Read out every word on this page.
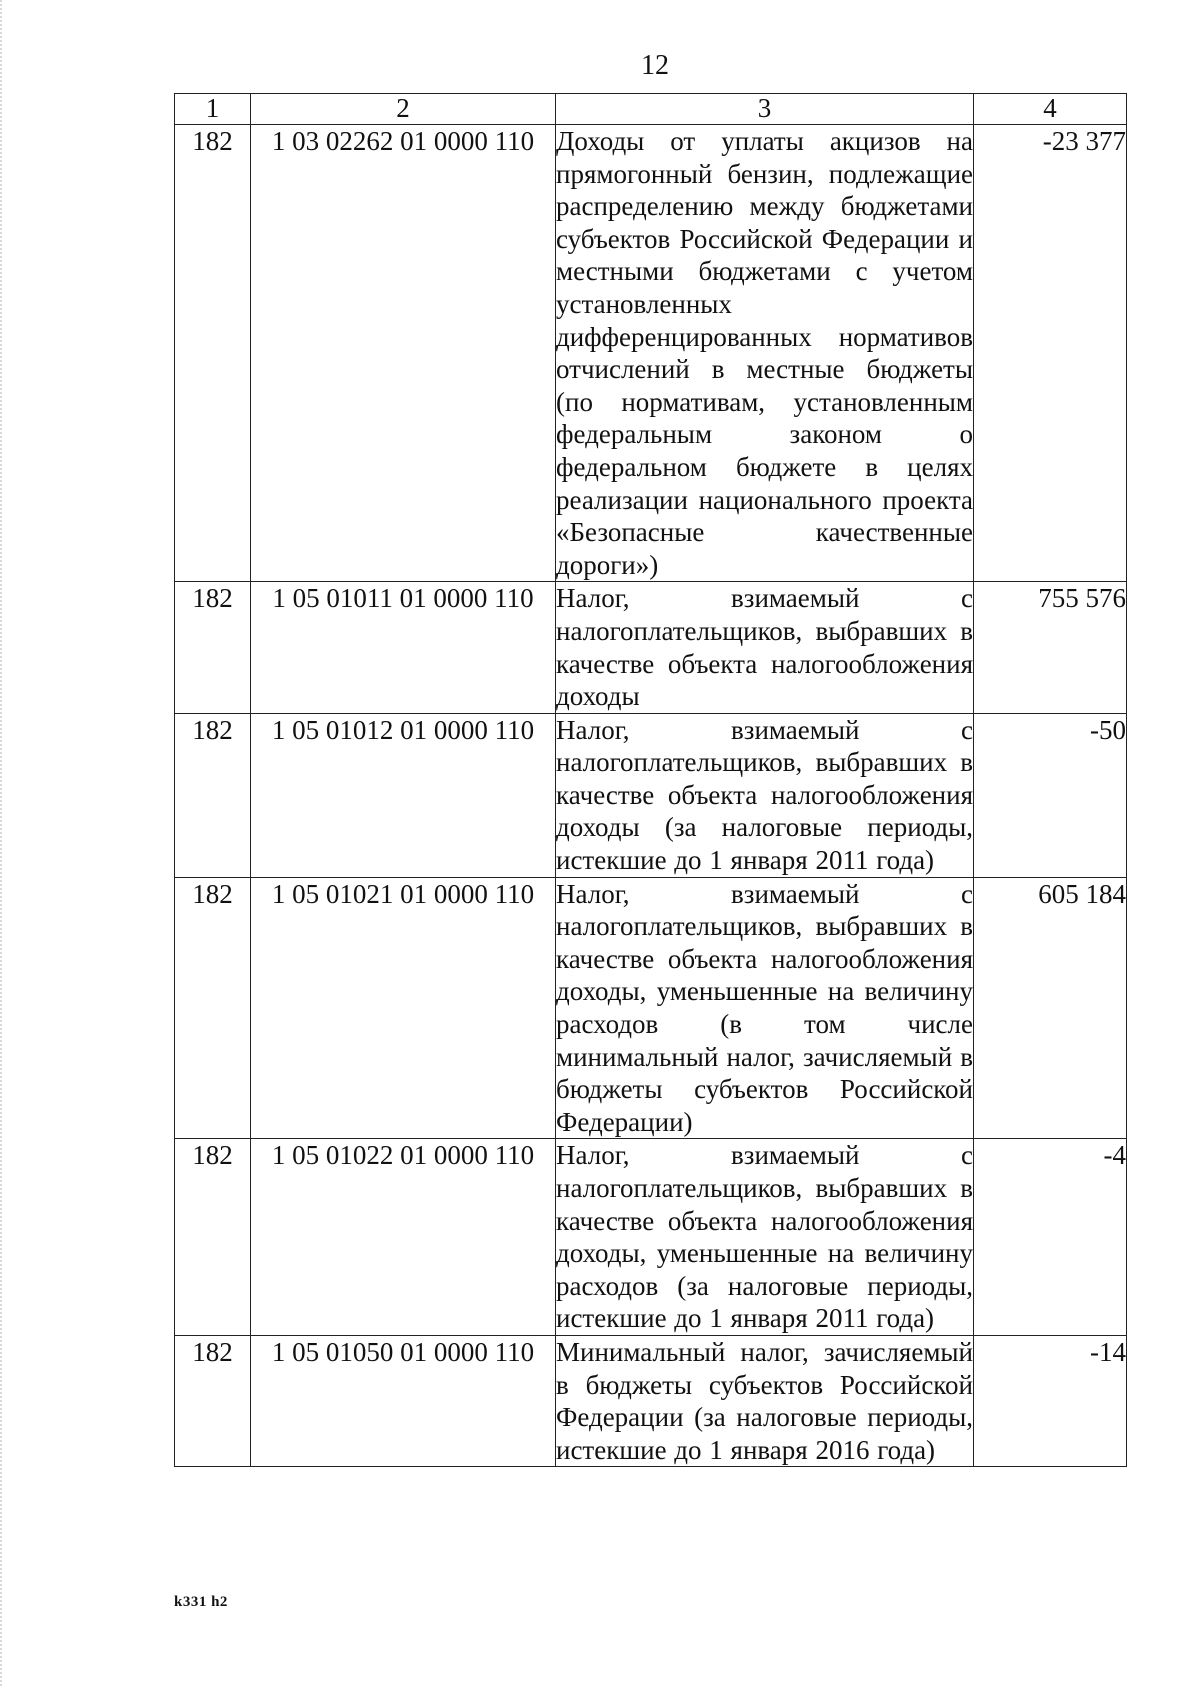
12
1	2	3	4
182	1 03 02262 01 0000 110	Доходы от уплаты акцизов на прямогонный бензин, подлежащие распределению между бюджетами субъектов Российской Федерации и местными бюджетами с учетом установленных дифференцированных нормативов отчислений в местные бюджеты (по нормативам, установленным федеральным законом о федеральном бюджете в целях реализации национального проекта «Безопасные качественные дороги»)	-23 377
182	1 05 01011 01 0000 110	Налог, взимаемый с налогоплательщиков, выбравших в качестве объекта налогообложения доходы	755 576
182	1 05 01012 01 0000 110	Налог, взимаемый с налогоплательщиков, выбравших в качестве объекта налогообложения доходы (за налоговые периоды, истекшие до 1 января 2011 года)	-50
182	1 05 01021 01 0000 110	Налог, взимаемый с налогоплательщиков, выбравших в качестве объекта налогообложения доходы, уменьшенные на величину расходов (в том числе минимальный налог, зачисляемый в бюджеты субъектов Российской Федерации)	605 184
182	1 05 01022 01 0000 110	Налог, взимаемый с налогоплательщиков, выбравших в качестве объекта налогообложения доходы, уменьшенные на величину расходов (за налоговые периоды, истекшие до 1 января 2011 года)	-4
182	1 05 01050 01 0000 110	Минимальный налог, зачисляемый в бюджеты субъектов Российской Федерации (за налоговые периоды, истекшие до 1 января 2016 года)	-14
k331 h2
